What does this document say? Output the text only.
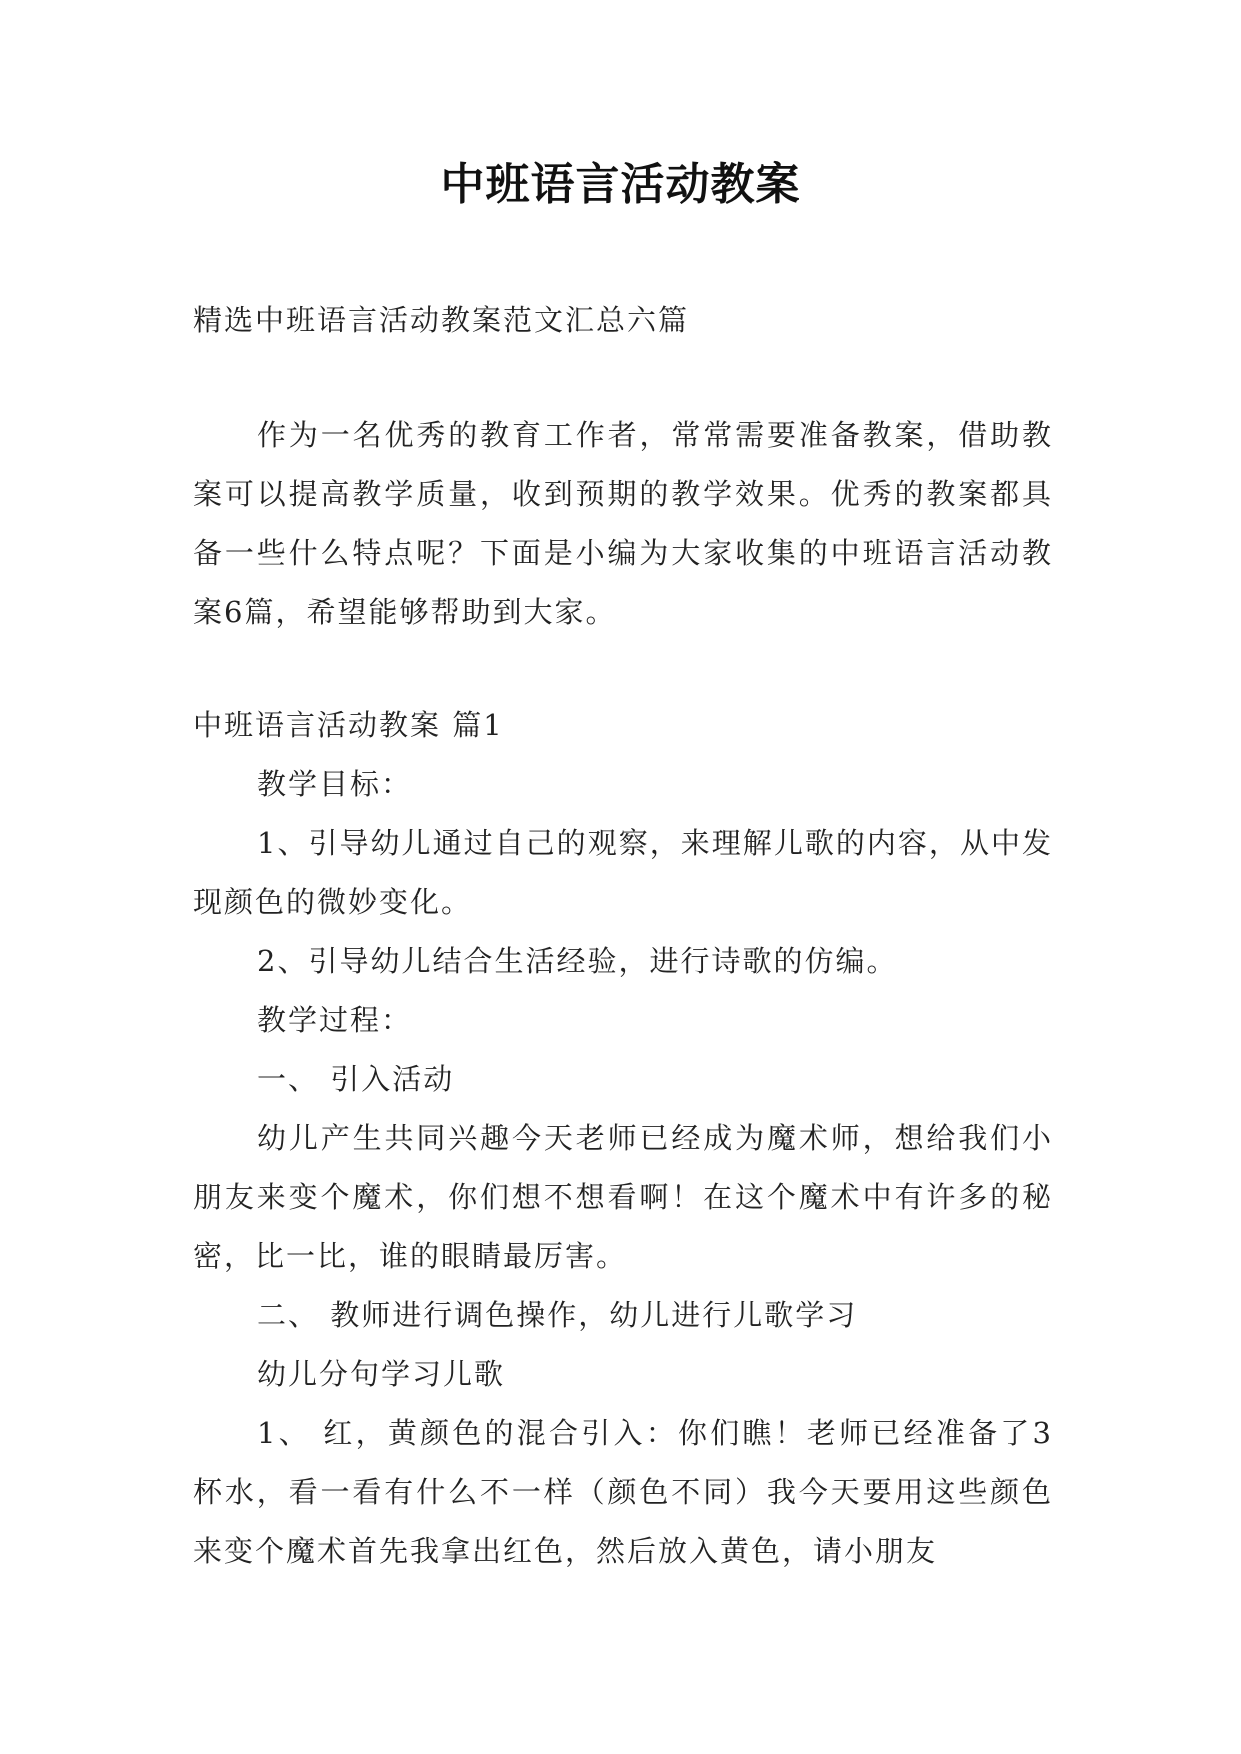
中班语言活动教案

精选中班语言活动教案范文汇总六篇

作为一名优秀的教育工作者，常常需要准备教案，借助教案可以提高教学质量，收到预期的教学效果。优秀的教案都具备一些什么特点呢？下面是小编为大家收集的中班语言活动教案6篇，希望能够帮助到大家。

中班语言活动教案 篇1

教学目标：

1、引导幼儿通过自己的观察，来理解儿歌的内容，从中发现颜色的微妙变化。

2、引导幼儿结合生活经验，进行诗歌的仿编。

教学过程：

一、 引入活动

幼儿产生共同兴趣今天老师已经成为魔术师，想给我们小朋友来变个魔术，你们想不想看啊！在这个魔术中有许多的秘密，比一比，谁的眼睛最厉害。

二、 教师进行调色操作，幼儿进行儿歌学习

幼儿分句学习儿歌

1、 红，黄颜色的混合引入：你们瞧！老师已经准备了3杯水，看一看有什么不一样（颜色不同）我今天要用这些颜色来变个魔术首先我拿出红色，然后放入黄色，请小朋友
